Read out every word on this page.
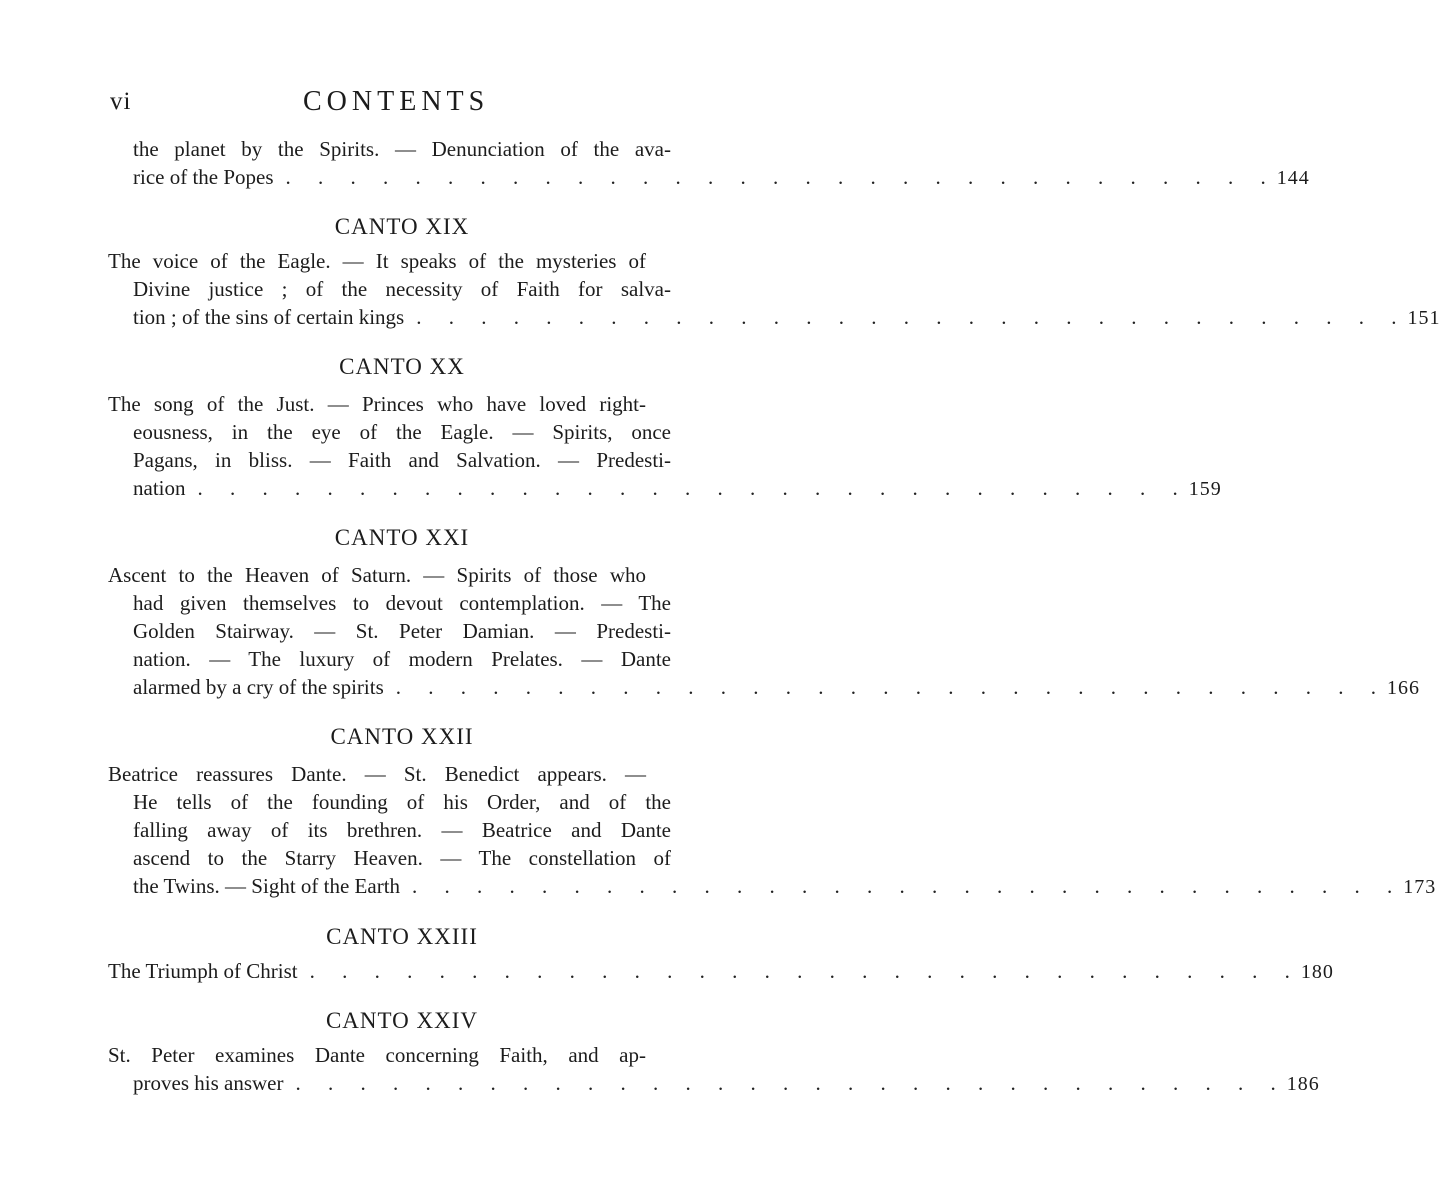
vi	CONTENTS
the planet by the Spirits. — Denunciation of the ava-
rice of the Popes . . . . . . . . . . . . . . . . . . . . . . . . . . . . . . . 144
CANTO XIX
The voice of the Eagle. — It speaks of the mysteries of
Divine justice ; of the necessity of Faith for salva-
tion ; of the sins of certain kings . . . . . . . . . . . . . . . . . . . . . . . . . . . . . . . 151
CANTO XX
The song of the Just. — Princes who have loved right-
eousness, in the eye of the Eagle. — Spirits, once
Pagans, in bliss. — Faith and Salvation. — Predesti-
nation . . . . . . . . . . . . . . . . . . . . . . . . . . . . . . . 159
CANTO XXI
Ascent to the Heaven of Saturn. — Spirits of those who
had given themselves to devout contemplation. — The
Golden Stairway. — St. Peter Damian. — Predesti-
nation. — The luxury of modern Prelates. — Dante
alarmed by a cry of the spirits . . . . . . . . . . . . . . . . . . . . . . . . . . . . . . . 166
CANTO XXII
Beatrice reassures Dante. — St. Benedict appears. —
He tells of the founding of his Order, and of the
falling away of its brethren. — Beatrice and Dante
ascend to the Starry Heaven. — The constellation of
the Twins. — Sight of the Earth . . . . . . . . . . . . . . . . . . . . . . . . . . . . . . . 173
CANTO XXIII
The Triumph of Christ . . . . . . . . . . . . . . . . . . . . . . . . . . . . . . . 180
CANTO XXIV
St. Peter examines Dante concerning Faith, and ap-
proves his answer . . . . . . . . . . . . . . . . . . . . . . . . . . . . . . . 186
